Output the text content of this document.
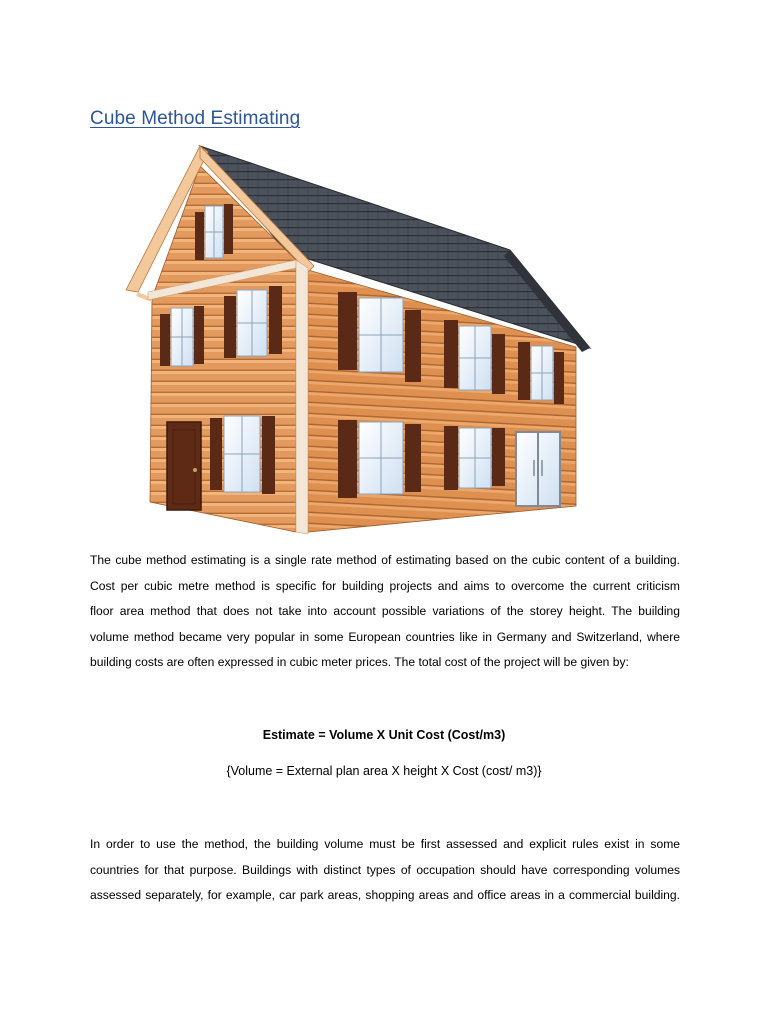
Cube Method Estimating
The cube method estimating is a single rate method of estimating based on the cubic content of a building.
Cost per cubic metre method is specific for building projects and aims to overcome the current criticism
floor area method that does not take into account possible variations of the storey height. The building
volume method became very popular in some European countries like in Germany and Switzerland, where
building costs are often expressed in cubic meter prices. The total cost of the project will be given by:
Estimate = Volume X Unit Cost (Cost/m3)
{Volume = External plan area X height X Cost (cost/ m3)}
In order to use the method, the building volume must be first assessed and explicit rules exist in some
countries for that purpose. Buildings with distinct types of occupation should have corresponding volumes
assessed separately, for example, car park areas, shopping areas and office areas in a commercial building.
